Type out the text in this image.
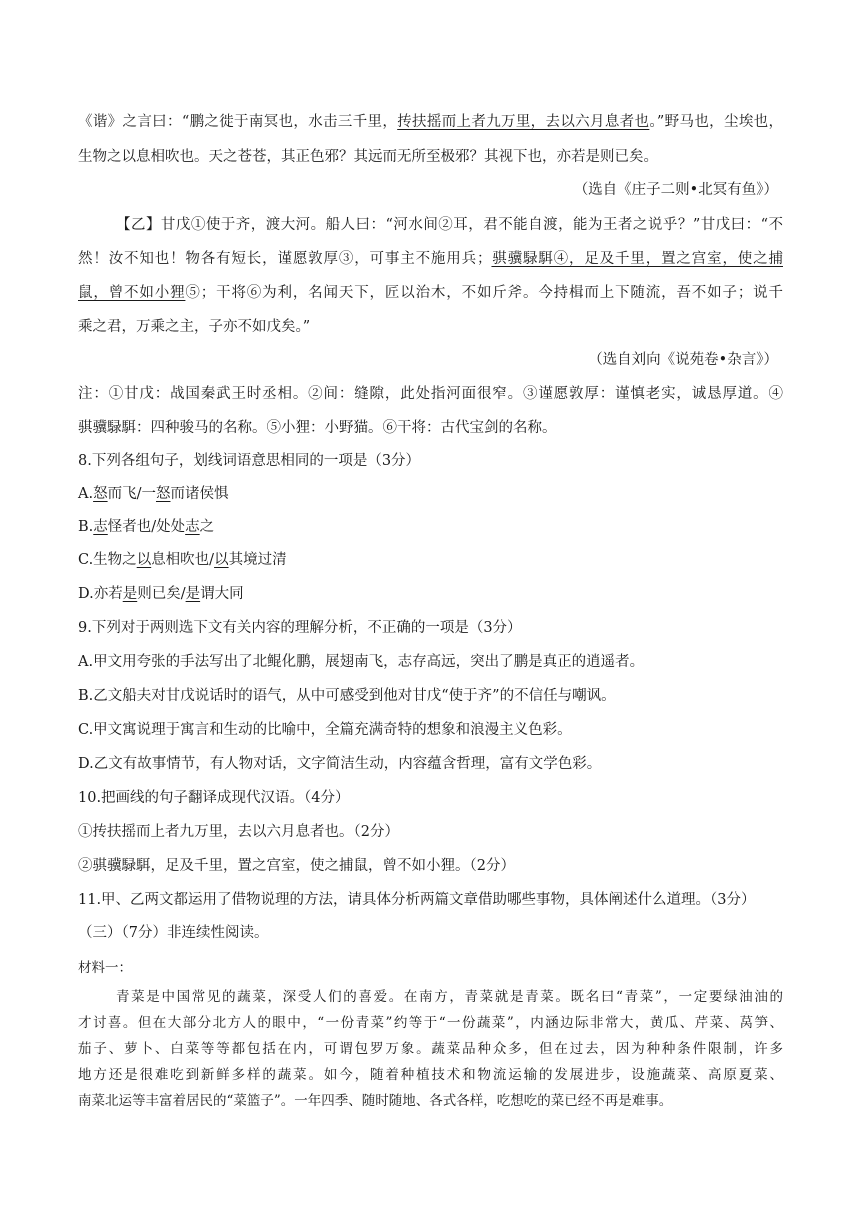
《谐》之言曰：“鹏之徙于南冥也，水击三千里，抟扶摇而上者九万里，去以六月息者也。”野马也，尘埃也，
生物之以息相吹也。天之苍苍，其正色邪？其远而无所至极邪？其视下也，亦若是则已矣。
（选自《庄子二则•北冥有鱼》）
【乙】甘戊①使于齐，渡大河。船人曰：“河水间②耳，君不能自渡，能为王者之说乎？”甘戊曰：“不
然！汝不知也！物各有短长，谨愿敦厚③，可事主不施用兵；骐骥騄駬④，足及千里，置之宫室，使之捕
鼠，曾不如小狸⑤；干将⑥为利，名闻天下，匠以治木，不如斤斧。今持楫而上下随流，吾不如子；说千
乘之君，万乘之主，子亦不如戊矣。”
（选自刘向《说苑卷•杂言》）
注：①甘戊：战国秦武王时丞相。②间：缝隙，此处指河面很窄。③谨愿敦厚：谨慎老实，诚恳厚道。④
骐骥騄駬：四种骏马的名称。⑤小狸：小野猫。⑥干将：古代宝剑的名称。
8.下列各组句子，划线词语意思相同的一项是（3分）
A.怒而飞/一怒而诸侯惧
B.志怪者也/处处志之
C.生物之以息相吹也/以其境过清
D.亦若是则已矣/是谓大同
9.下列对于两则选下文有关内容的理解分析，不正确的一项是（3分）
A.甲文用夸张的手法写出了北鲲化鹏，展翅南飞，志存高远，突出了鹏是真正的逍遥者。
B.乙文船夫对甘戊说话时的语气，从中可感受到他对甘戊“使于齐”的不信任与嘲讽。
C.甲文寓说理于寓言和生动的比喻中，全篇充满奇特的想象和浪漫主义色彩。
D.乙文有故事情节，有人物对话，文字简洁生动，内容蕴含哲理，富有文学色彩。
10.把画线的句子翻译成现代汉语。（4分）
①抟扶摇而上者九万里，去以六月息者也。（2分）
②骐骥騄駬，足及千里，置之宫室，使之捕鼠，曾不如小狸。（2分）
11.甲、乙两文都运用了借物说理的方法，请具体分析两篇文章借助哪些事物，具体阐述什么道理。（3分）
（三）（7分）非连续性阅读。
材料一：
青菜是中国常见的蔬菜，深受人们的喜爱。在南方，青菜就是青菜。既名曰“青菜”，一定要绿油油的
才讨喜。但在大部分北方人的眼中，“一份青菜”约等于“一份蔬菜”，内涵边际非常大，黄瓜、芹菜、莴笋、
茄子、萝卜、白菜等等都包括在内，可谓包罗万象。蔬菜品种众多，但在过去，因为种种条件限制，许多
地方还是很难吃到新鲜多样的蔬菜。如今，随着种植技术和物流运输的发展进步，设施蔬菜、高原夏菜、
南菜北运等丰富着居民的“菜篮子”。一年四季、随时随地、各式各样，吃想吃的菜已经不再是难事。
